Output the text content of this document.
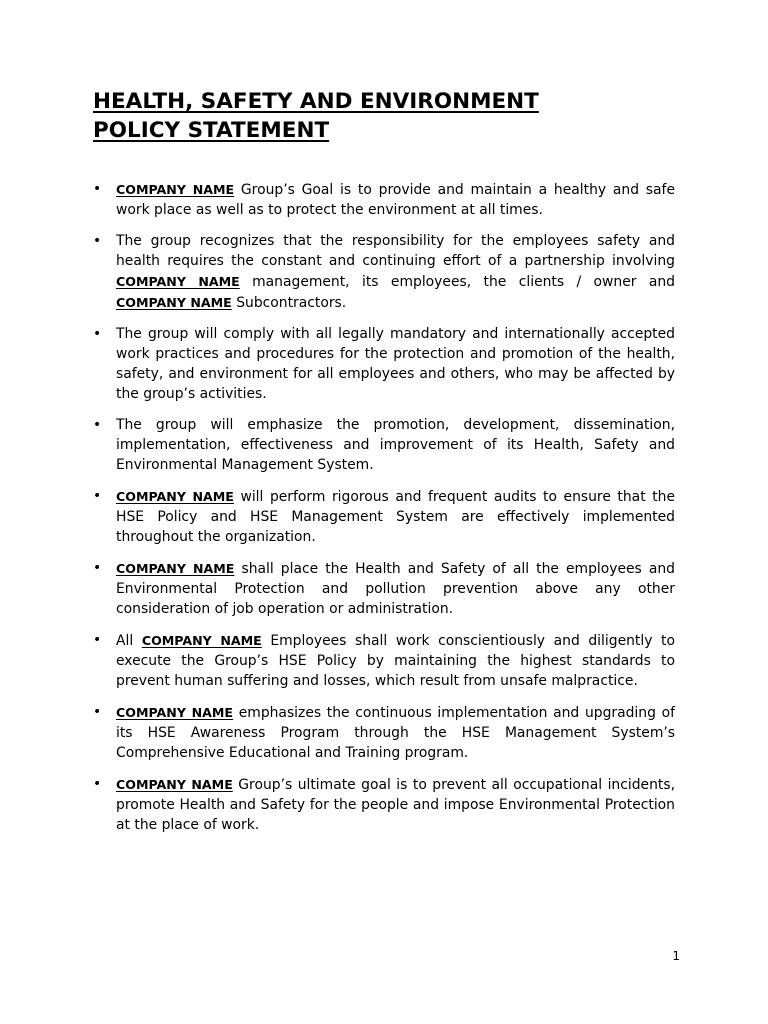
HEALTH, SAFETY AND ENVIRONMENT
POLICY STATEMENT
• COMPANY NAME Group’s Goal is to provide and maintain a healthy and safe work place as well as to protect the environment at all times.
• The group recognizes that the responsibility for the employees safety and health requires the constant and continuing effort of a partnership involving COMPANY NAME management, its employees, the clients / owner and COMPANY NAME Subcontractors.
• The group will comply with all legally mandatory and internationally accepted work practices and procedures for the protection and promotion of the health, safety, and environment for all employees and others, who may be affected by the group’s activities.
• The group will emphasize the promotion, development, dissemination, implementation, effectiveness and improvement of its Health, Safety and Environmental Management System.
• COMPANY NAME will perform rigorous and frequent audits to ensure that the HSE Policy and HSE Management System are effectively implemented throughout the organization.
• COMPANY NAME shall place the Health and Safety of all the employees and Environmental Protection and pollution prevention above any other consideration of job operation or administration.
• All COMPANY NAME Employees shall work conscientiously and diligently to execute the Group’s HSE Policy by maintaining the highest standards to prevent human suffering and losses, which result from unsafe malpractice.
• COMPANY NAME emphasizes the continuous implementation and upgrading of its HSE Awareness Program through the HSE Management System’s Comprehensive Educational and Training program.
• COMPANY NAME Group’s ultimate goal is to prevent all occupational incidents, promote Health and Safety for the people and impose Environmental Protection at the place of work.
1
